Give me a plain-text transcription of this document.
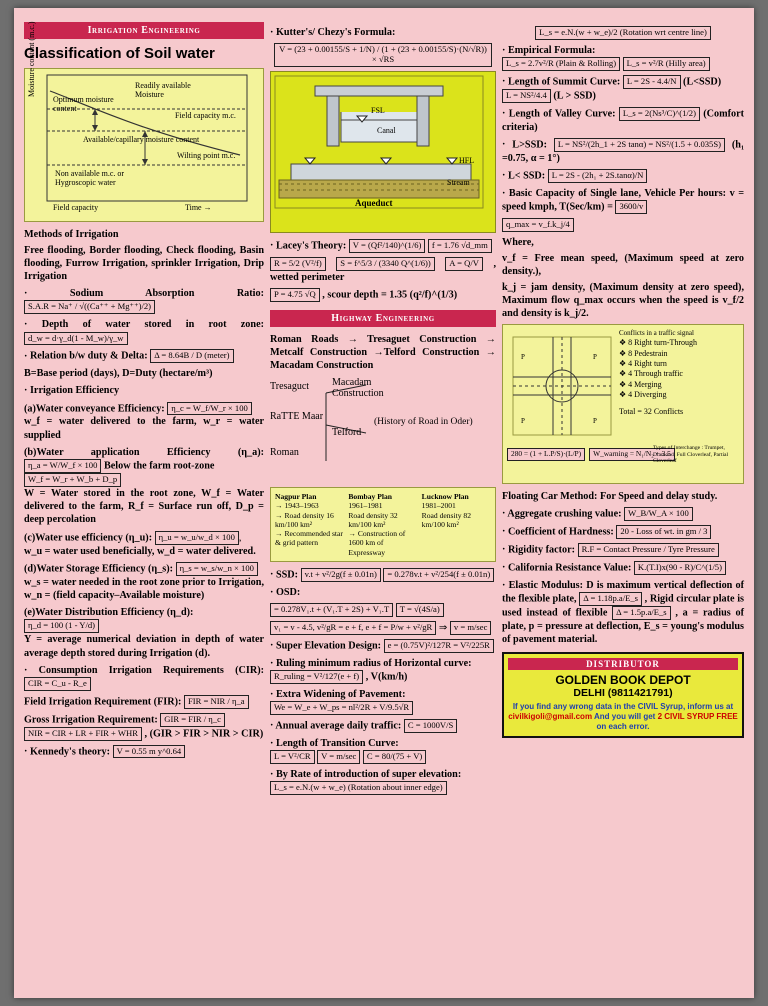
Irrigation Engineering
Classification of Soil water
Moisture content (m.c.)
Optimum moisture content
Readily available Moisture
Field capacity m.c.
Available/capillary moisture content
Wilting point m.c.
Non available m.c. or Hygroscopic water
Field capacity	Time →
Methods of Irrigation
Free flooding, Border flooding, Check flooding, Basin flooding, Furrow Irrigation, sprinkler Irrigation, Drip Irrigation
· Sodium Absorption Ratio: S.A.R = Na⁺ / √((Ca⁺⁺ + Mg⁺⁺)/2)
· Depth of water stored in root zone: d_w = d·γ_d(1 - M_w)/γ_w
· Relation b/w duty & Delta: Δ = 8.64B / D (meter)
B=Base period (days), D=Duty (hectare/m³)
· Irrigation Efficiency
(a)Water conveyance Efficiency: η_c = W_f/W_r × 100
w_f = water delivered to the farm, w_r = water supplied
(b)Water application Efficiency (η_a): η_a = W/W_f × 100 Below the farm root-zone
W_f = W_r + W_b + D_p
W = Water stored in the root zone, W_f = Water delivered to the farm, R_f = Surface run off, D_p = deep percolation
(c)Water use efficiency (η_u): η_u = w_u/w_d × 100 ,
w_u = water used beneficially, w_d = water delivered.
(d)Water Storage Efficiency (η_s): η_s = w_s/w_n × 100
w_s = water needed in the root zone prior to Irrigation, w_n = (field capacity–Available moisture)
(e)Water Distribution Efficiency (η_d):
η_d = 100 (1 - Y/d)
Y = average numerical deviation in depth of water average depth stored during Irrigation (d).
· Consumption Irrigation Requirements (CIR): CIR = C_u - R_e
Field Irrigation Requirement (FIR): FIR = NIR / η_a
Gross Irrigation Requirement: GIR = FIR / η_c
NIR = CIR + LR + FIR + WHR , (GIR > FIR > NIR > CIR)
· Kennedy's theory: V = 0.55 m y^0.64
· Kutter's/ Chezy's Formula:
V = (23 + 0.00155/S + 1/N) / (1 + (23 + 0.00155/S)·(N/√R)) × √RS
FSL
Canal
HFL
Stream
Aqueduct
· Lacey's Theory: V = (Qf²/140)^(1/6) f = 1.76 √d_mm
R = 5/2 (V²/f) S = f^5/3 / (3340 Q^(1/6)) A = Q/V , wetted perimeter
P = 4.75 √Q , scour depth = 1.35 (q²/f)^(1/3)
Highway Engineering
Roman Roads → Tresaguet Construction → Metcalf Construction →Telford Construction → Macadam Construction
Tresaguct Macadam Construction
RaTTE Maar
Telford
Roman
(History of Road in Oder)
Nagpur Plan
→ 1943–1963
→ Road density 16 km/100 km²
→ Recommended star & grid pattern
Bombay Plan
1961–1981
Road density 32 km/100 km²
→ Construction of 1600 km of Expressway
Lucknow Plan
1981–2001
Road density 82 km/100 km²
· SSD: v.t + v²/2g(f ± 0.01n) = 0.278v.t + v²/254(f ± 0.01n)
· OSD:
= 0.278V₁.t + (V₁.T + 2S) + V₁.T T = √(4S/a)
v₁ = v - 4.5, v²/gR = e + f, e + f = P/w + v²/gR ⇒ v = m/sec
· Super Elevation Design: e = (0.75V)²/127R = V²/225R
· Ruling minimum radius of Horizontal curve:
R_ruling = V²/127(e + f) , V(km/h)
· Extra Widening of Pavement:
We = W_e + W_ps = nl²/2R + V/9.5√R
· Annual average daily traffic: C = 1000V/S
· Length of Transition Curve:
L = V²/CR V = m/sec C = 80/(75 + V)
· By Rate of introduction of super elevation:
L_s = e.N.(w + w_e) (Rotation about inner edge)
L_s = e.N.(w + w_e)/2 (Rotation wrt centre line)
· Empirical Formula:
L_s = 2.7v²/R (Plain & Rolling) L_s = v²/R (Hilly area)
· Length of Summit Curve: L = 2S - 4.4/N (L<SSD)
L = NS²/4.4 (L > SSD)
· Length of Valley Curve: L_s = 2(Ns³/C)^(1/2) (Comfort criteria)
· L>SSD: L = NS²/(2h_1 + 2S tanα) = NS²/(1.5 + 0.035S) (h₁ =0.75, α = 1°)
· L< SSD: L = 2S - (2h₁ + 2S.tanα)/N
· Basic Capacity of Single lane, Vehicle Per hours: v = speed kmph, T(Sec/km) = 3600/v
q_max = v_f.k_j/4
Where,
v_f = Free mean speed, (Maximum speed at zero density.),
k_j = jam density, (Maximum density at zero speed), Maximum flow q_max occurs when the speed is v_f/2 and density is k_j/2.
P	P
P	P
Conflicts in a traffic signal
❖ 8 Right turn-Through
❖ 8 Pedestrain
❖ 4 Right turn
❖ 4 Through traffic
❖ 4 Merging
❖ 4 Diverging
Total = 32 Conflicts
280 = (1 + L.P/S)·(L/P) W_warning = N₁/N₂ + 3.5
Types of Interchange : Trumpet, Diamond, Full Cloverleaf, Partial Cloverleaf
Floating Car Method: For Speed and delay study.
· Aggregate crushing value: W_B/W_A × 100
· Coefficient of Hardness: 20 - Loss of wt. in gm / 3
· Rigidity factor: R.F = Contact Pressure / Tyre Pressure
· California Resistance Value: K.(T.I)x(90 - R)/C^(1/5)
· Elastic Modulus: D is maximum vertical deflection of the flexible plate, Δ = 1.18p.a/E_s , Rigid circular plate is used instead of flexible Δ = 1.5p.a/E_s , a = radius of plate, p = pressure at deflection, E_s = young's modulus of pavement material.
DISTRIBUTOR
GOLDEN BOOK DEPOT
DELHI (9811421791)
If you find any wrong data in the CIVIL Syrup, inform us at civilkigoli@gmail.com And you will get 2 CIVIL SYRUP FREE on each error.
